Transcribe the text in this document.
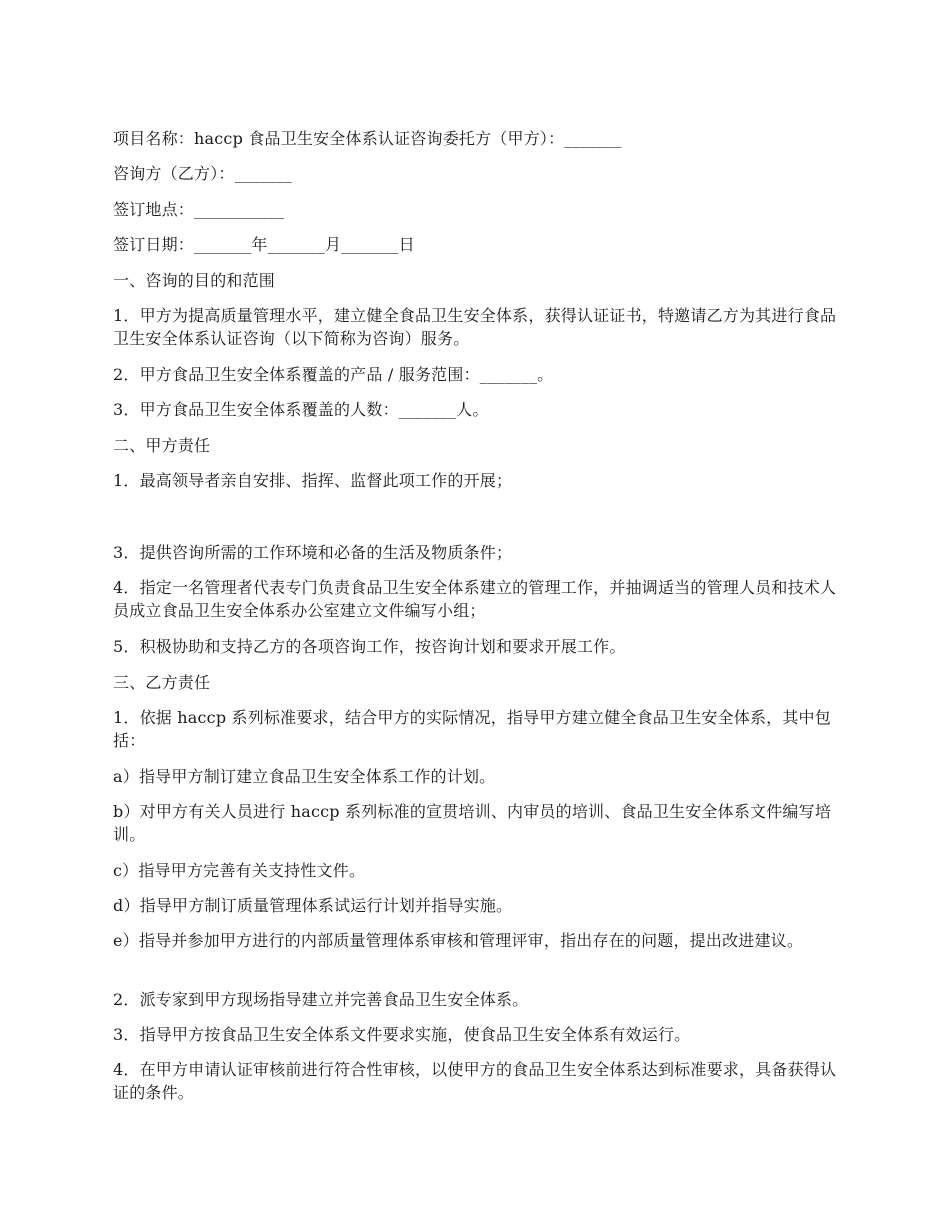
项目名称：haccp 食品卫生安全体系认证咨询委托方（甲方）：_______

咨询方（乙方）：_______

签订地点：___________

签订日期：_______年_______月_______日

一、咨询的目的和范围

1．甲方为提高质量管理水平，建立健全食品卫生安全体系，获得认证证书，特邀请乙方为其进行食品卫生安全体系认证咨询（以下简称为咨询）服务。

2．甲方食品卫生安全体系覆盖的产品 / 服务范围：_______。

3．甲方食品卫生安全体系覆盖的人数：_______人。

二、甲方责任

1．最高领导者亲自安排、指挥、监督此项工作的开展；

3．提供咨询所需的工作环境和必备的生活及物质条件；

4．指定一名管理者代表专门负责食品卫生安全体系建立的管理工作，并抽调适当的管理人员和技术人员成立食品卫生安全体系办公室建立文件编写小组；

5．积极协助和支持乙方的各项咨询工作，按咨询计划和要求开展工作。

三、乙方责任

1．依据 haccp 系列标准要求，结合甲方的实际情况，指导甲方建立健全食品卫生安全体系，其中包括：

a）指导甲方制订建立食品卫生安全体系工作的计划。

b）对甲方有关人员进行 haccp 系列标准的宣贯培训、内审员的培训、食品卫生安全体系文件编写培训。

c）指导甲方完善有关支持性文件。

d）指导甲方制订质量管理体系试运行计划并指导实施。

e）指导并参加甲方进行的内部质量管理体系审核和管理评审，指出存在的问题，提出改进建议。

2．派专家到甲方现场指导建立并完善食品卫生安全体系。

3．指导甲方按食品卫生安全体系文件要求实施，使食品卫生安全体系有效运行。

4．在甲方申请认证审核前进行符合性审核，以使甲方的食品卫生安全体系达到标准要求，具备获得认证的条件。
